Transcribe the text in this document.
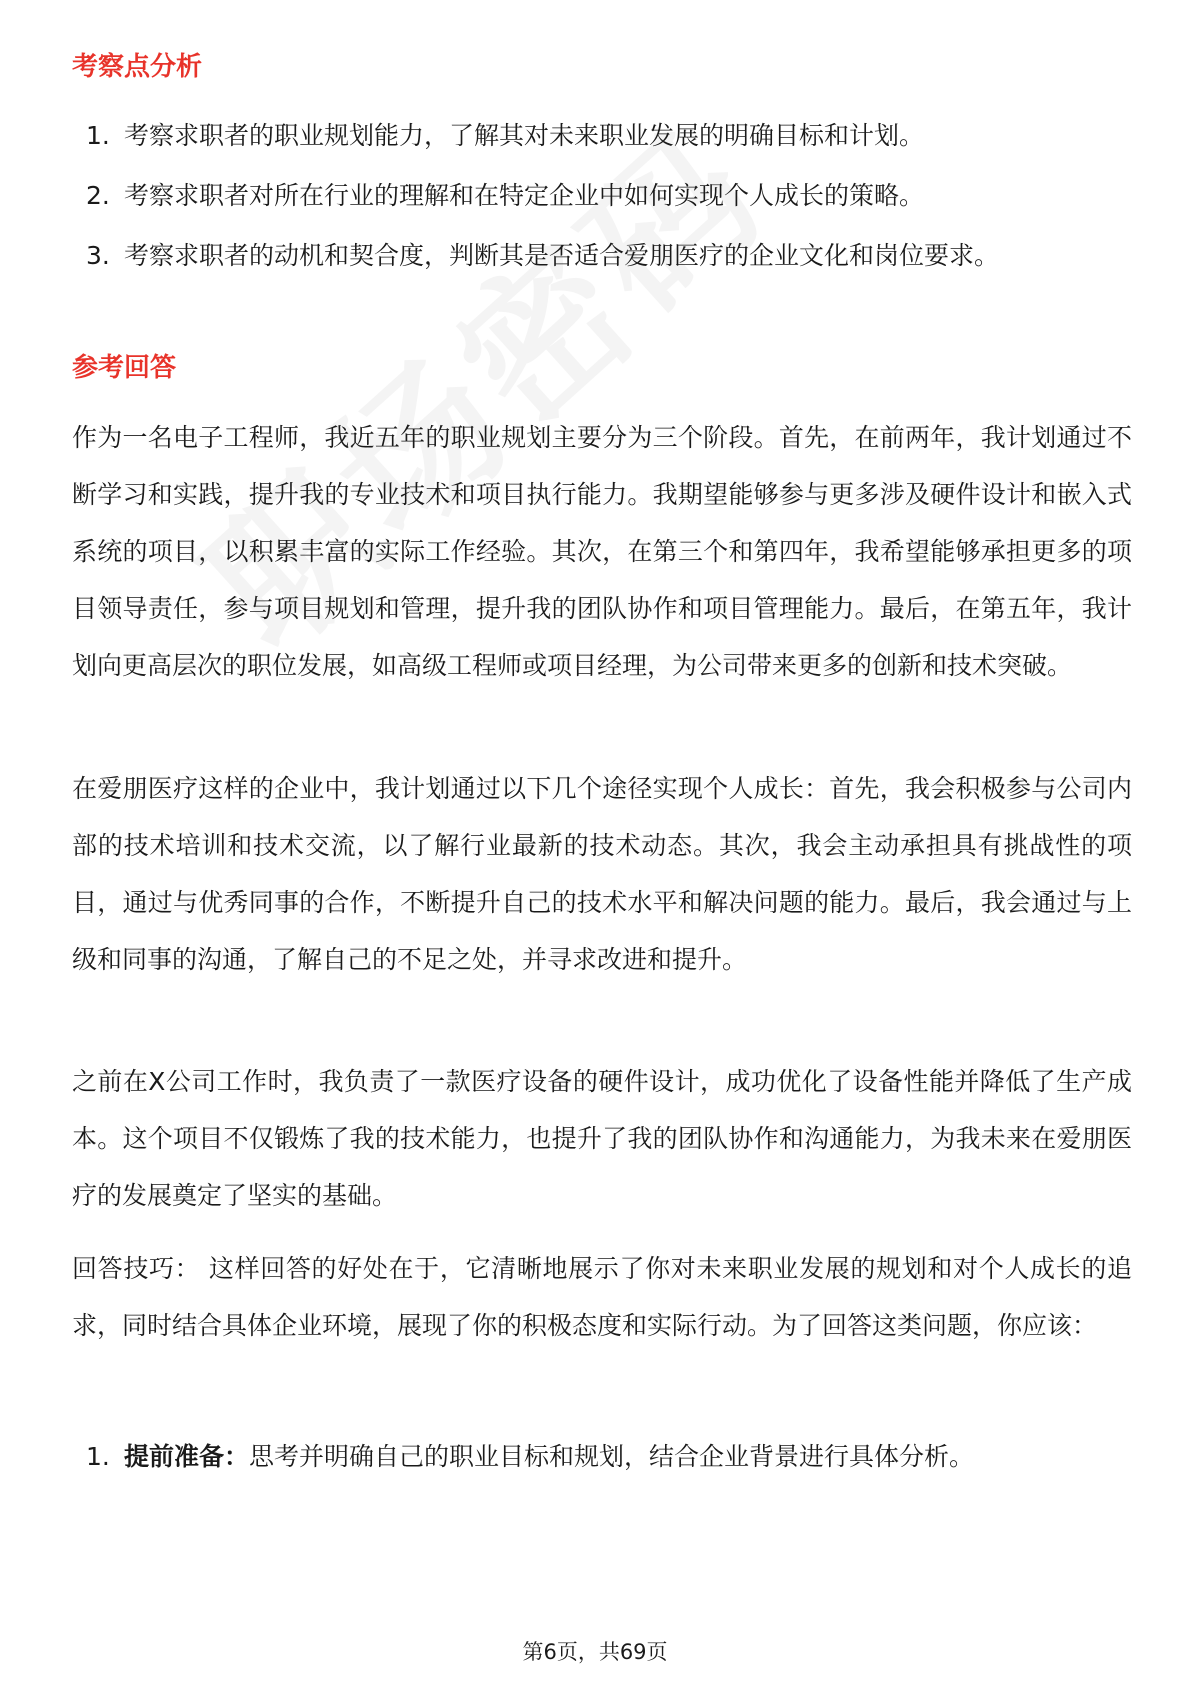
考察点分析
1. 考察求职者的职业规划能力，了解其对未来职业发展的明确目标和计划。
2. 考察求职者对所在行业的理解和在特定企业中如何实现个人成长的策略。
3. 考察求职者的动机和契合度，判断其是否适合爱朋医疗的企业文化和岗位要求。
参考回答

作为一名电子工程师，我近五年的职业规划主要分为三个阶段。首先，在前两年，我计划通过不断学习和实践，提升我的专业技术和项目执行能力。我期望能够参与更多涉及硬件设计和嵌入式系统的项目，以积累丰富的实际工作经验。其次，在第三个和第四年，我希望能够承担更多的项目领导责任，参与项目规划和管理，提升我的团队协作和项目管理能力。最后，在第五年，我计划向更高层次的职位发展，如高级工程师或项目经理，为公司带来更多的创新和技术突破。

在爱朋医疗这样的企业中，我计划通过以下几个途径实现个人成长：首先，我会积极参与公司内部的技术培训和技术交流，以了解行业最新的技术动态。其次，我会主动承担具有挑战性的项目，通过与优秀同事的合作，不断提升自己的技术水平和解决问题的能力。最后，我会通过与上级和同事的沟通，了解自己的不足之处，并寻求改进和提升。

之前在X公司工作时，我负责了一款医疗设备的硬件设计，成功优化了设备性能并降低了生产成本。这个项目不仅锻炼了我的技术能力，也提升了我的团队协作和沟通能力，为我未来在爱朋医疗的发展奠定了坚实的基础。

回答技巧： 这样回答的好处在于，它清晰地展示了你对未来职业发展的规划和对个人成长的追求，同时结合具体企业环境，展现了你的积极态度和实际行动。为了回答这类问题，你应该：

1. 提前准备：思考并明确自己的职业目标和规划，结合企业背景进行具体分析。
第6页，共69页
